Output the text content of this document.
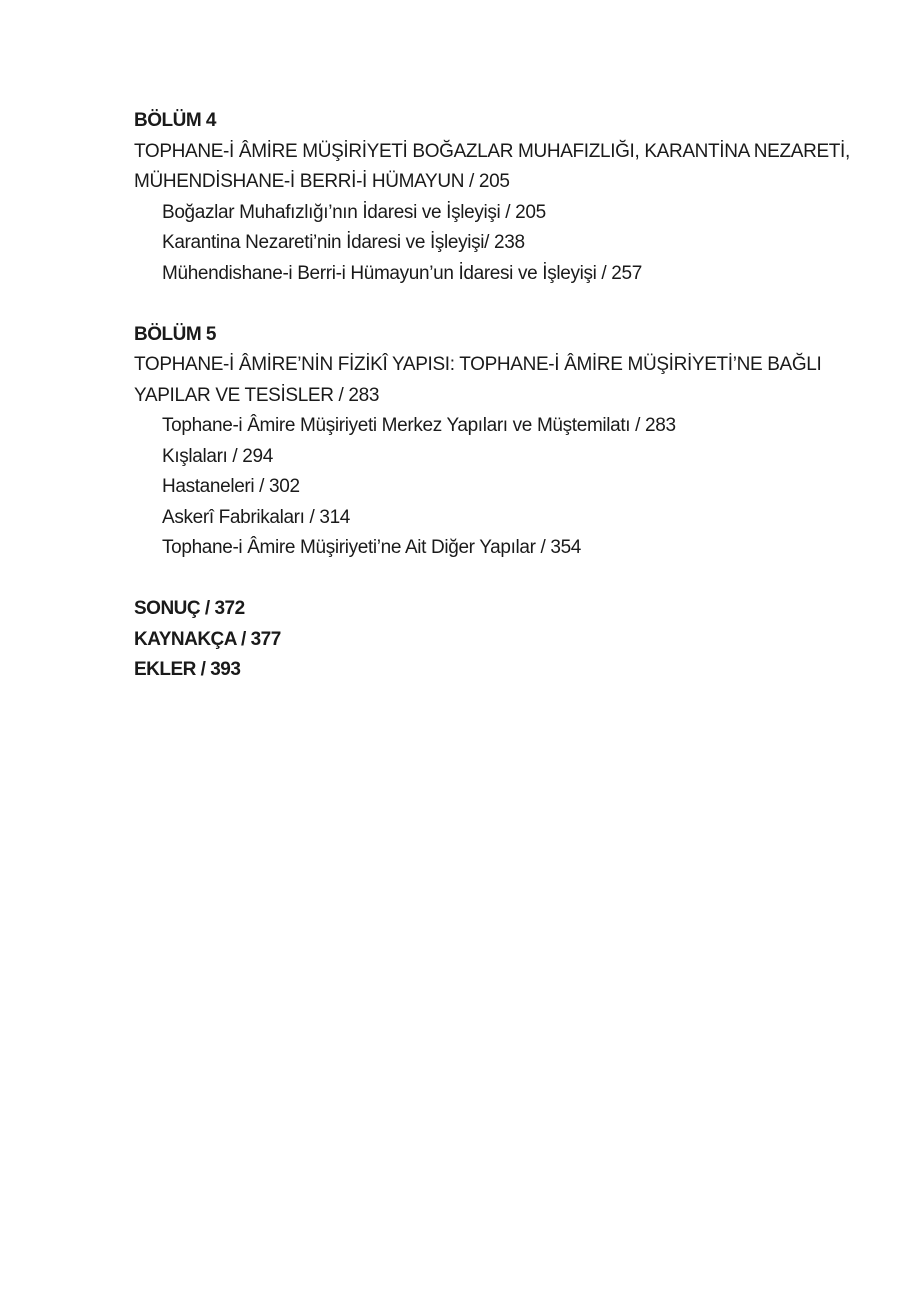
BÖLÜM 4
TOPHANE-İ ÂMİRE MÜŞİRİYETİ BOĞAZLAR MUHAFIZLIĞI, KARANTİNA NEZARETİ,
MÜHENDİSHANE-İ BERRİ-İ HÜMAYUN / 205
Boğazlar Muhafızlığı’nın İdaresi ve İşleyişi / 205
Karantina Nezareti’nin İdaresi ve İşleyişi/ 238
Mühendishane-i Berri-i Hümayun’un İdaresi ve İşleyişi / 257
BÖLÜM 5
TOPHANE-İ ÂMİRE’NİN FİZİKÎ YAPISI: TOPHANE-İ ÂMİRE MÜŞİRİYETİ’NE BAĞLI
YAPILAR VE TESİSLER / 283
Tophane-i Âmire Müşiriyeti Merkez Yapıları ve Müştemilatı / 283
Kışlaları / 294
Hastaneleri / 302
Askerî Fabrikaları / 314
Tophane-i Âmire Müşiriyeti’ne Ait Diğer Yapılar / 354
SONUÇ / 372
KAYNAKÇA / 377
EKLER / 393
